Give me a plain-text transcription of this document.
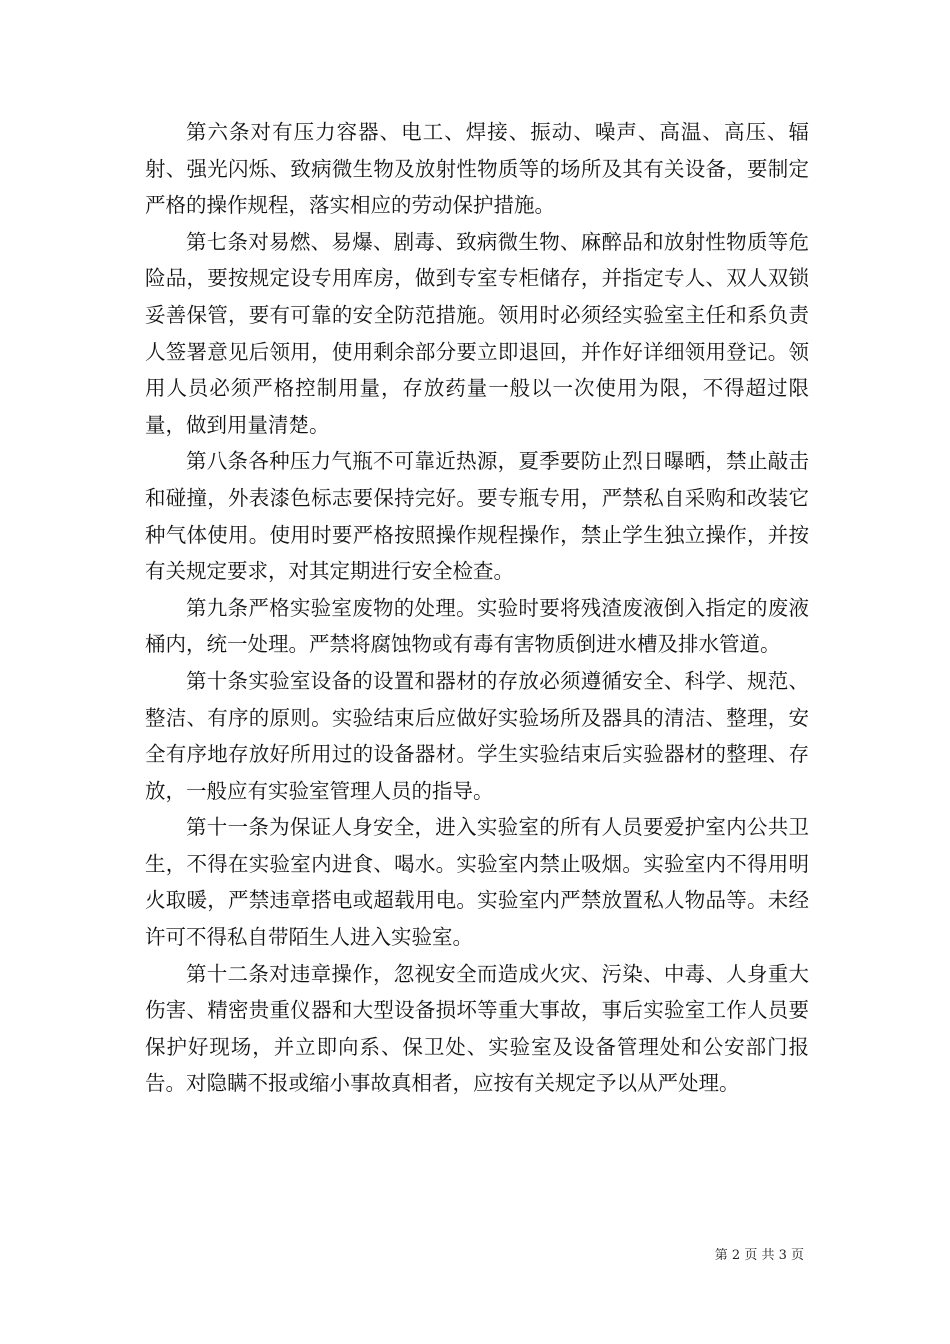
第六条对有压力容器、电工、焊接、振动、噪声、高温、高压、辐射、强光闪烁、致病微生物及放射性物质等的场所及其有关设备，要制定严格的操作规程，落实相应的劳动保护措施。

第七条对易燃、易爆、剧毒、致病微生物、麻醉品和放射性物质等危险品，要按规定设专用库房，做到专室专柜储存，并指定专人、双人双锁妥善保管，要有可靠的安全防范措施。领用时必须经实验室主任和系负责人签署意见后领用，使用剩余部分要立即退回，并作好详细领用登记。领用人员必须严格控制用量，存放药量一般以一次使用为限，不得超过限量，做到用量清楚。

第八条各种压力气瓶不可靠近热源，夏季要防止烈日曝晒，禁止敲击和碰撞，外表漆色标志要保持完好。要专瓶专用，严禁私自采购和改装它种气体使用。使用时要严格按照操作规程操作，禁止学生独立操作，并按有关规定要求，对其定期进行安全检查。

第九条严格实验室废物的处理。实验时要将残渣废液倒入指定的废液桶内，统一处理。严禁将腐蚀物或有毒有害物质倒进水槽及排水管道。

第十条实验室设备的设置和器材的存放必须遵循安全、科学、规范、整洁、有序的原则。实验结束后应做好实验场所及器具的清洁、整理，安全有序地存放好所用过的设备器材。学生实验结束后实验器材的整理、存放，一般应有实验室管理人员的指导。

第十一条为保证人身安全，进入实验室的所有人员要爱护室内公共卫生，不得在实验室内进食、喝水。实验室内禁止吸烟。实验室内不得用明火取暖，严禁违章搭电或超载用电。实验室内严禁放置私人物品等。未经许可不得私自带陌生人进入实验室。

第十二条对违章操作，忽视安全而造成火灾、污染、中毒、人身重大伤害、精密贵重仪器和大型设备损坏等重大事故，事后实验室工作人员要保护好现场，并立即向系、保卫处、实验室及设备管理处和公安部门报告。对隐瞒不报或缩小事故真相者，应按有关规定予以从严处理。

第 2 页 共 3 页
